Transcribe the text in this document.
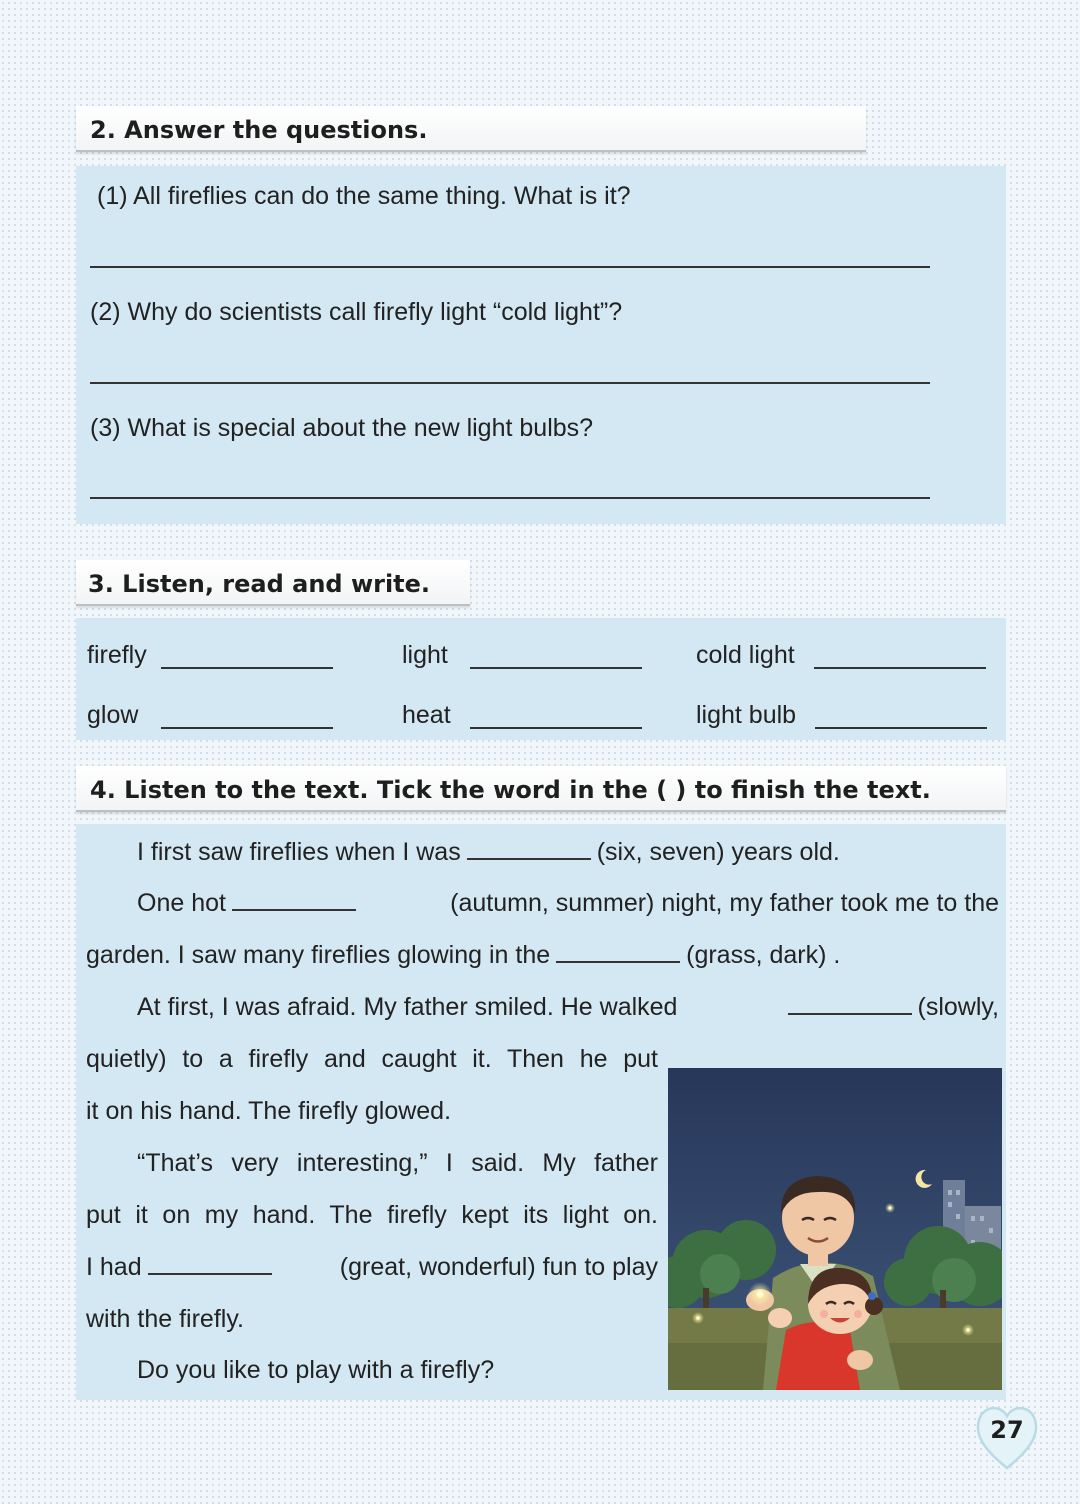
2. Answer the questions.
(1) All fireflies can do the same thing. What is it?
(2) Why do scientists call firefly light “cold light”?
(3) What is special about the new light bulbs?
3. Listen, read and write.
firefly	light	cold light
glow	heat	light bulb
4. Listen to the text. Tick the word in the ( ) to finish the text.
I first saw fireflies when I was	(six, seven) years old.
One hot	(autumn, summer) night, my father took me to the
garden. I saw many fireflies glowing in the	(grass, dark) .
At first, I was afraid. My father smiled. He walked	(slowly,
quietly) to a firefly and caught it. Then he put
it on his hand. The firefly glowed.
“That’s very interesting,” I said. My father
put it on my hand. The firefly kept its light on.
I had	(great, wonderful) fun to play
with the firefly.
Do you like to play with a firefly?
27
